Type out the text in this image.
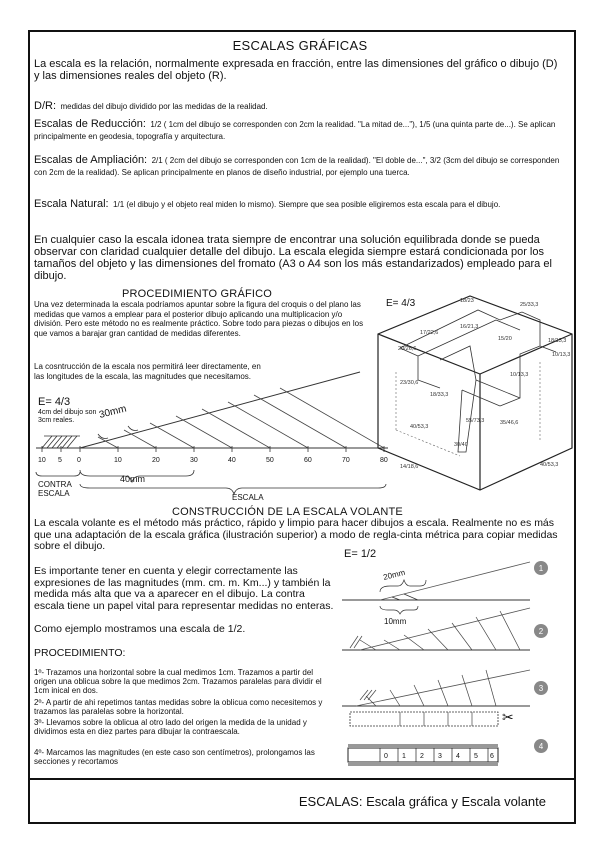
ESCALAS GRÁFICAS
La escala es la relación, normalmente expresada en fracción, entre las dimensiones del gráfico o dibujo (D) y las dimensiones reales del objeto (R).
D/R: medidas del dibujo dividido por las medidas de la realidad.
Escalas de Reducción: 1/2 ( 1cm del dibujo se corresponden con 2cm la realidad. "La mitad de..."), 1/5 (una quinta parte de...). Se aplican principalmente en geodesia, topografía y arquitectura.
Escalas de Ampliación: 2/1 ( 2cm del dibujo se corresponden con 1cm de la realidad). "El doble de...", 3/2 (3cm del dibujo se corresponden con 2cm de la realidad). Se aplican principalmente en planos de diseño industrial, por ejemplo una tuerca.
Escala Natural: 1/1 (el dibujo y el objeto real miden lo mismo). Siempre que sea posible eligiremos esta escala para el dibujo.
En cualquier caso la escala idonea trata siempre de encontrar una solución equilibrada donde se pueda observar con claridad cualquier detalle del dibujo. La escala elegida siempre estará condicionada por los tamaños del objeto y las dimensiones del fromato (A3 o A4 son los más estandarizados) empleado para el dibujo.
PROCEDIMIENTO GRÁFICO
Una vez determinada la escala podríamos apuntar sobre la figura del croquis o del plano las medidas que vamos a emplear para el posterior dibujo aplicando una multiplicacion y/o división. Pero este método no es realmente práctico. Sobre todo para piezas o dibujos en los que vamos a barajar gran cantidad de medidas diferentes.
La cosntrucción de la escala nos permitirá leer directamente, en las longitudes de la escala, las magnitudes que necesitamos.
E= 4/3
4cm del dibujo son 3cm reales.
18/23
25/33,3
17/22,6
16/21,3
20/26,6
15/20	18/13,3
10/13,3
23/30,6
18/33,3
10/13,3
40/53,3
55/73,3
30/40
35/46,6
40/53,3
14/18,6
E= 4/3
30mm
10 5 0	10	20	30	40	50	60	70	80
40mm
ESCALA
CONTRA ESCALA
CONSTRUCCIÓN DE LA ESCALA VOLANTE
La escala volante es el método más práctico, rápido y limpio para hacer dibujos a escala. Realmente no es más que una adaptación de la escala gráfica (ilustración superior) a modo de regla-cinta métrica para copiar medidas sobre el dibujo.
E= 1/2
Es importante tener en cuenta y elegir correctamente las expresiones de las magnitudes (mm. cm. m. Km...) y también la medida más alta que va a aparecer en el dibujo. La contra escala tiene un papel vital para representar medidas no enteras.
Como ejemplo mostramos una escala de 1/2.
PROCEDIMIENTO:
1º- Trazamos una horizontal sobre la cual medimos 1cm. Trazamos a partir del origen una oblicua sobre la que medimos 2cm. Trazamos paralelas para dividir el 1cm inical en dos.
2º- A partir de ahi repetimos tantas medidas sobre la oblicua como necesitemos y trazamos las paralelas sobre la horizontal.
3º- Llevamos sobre la oblicua al otro lado del origen la medida de la unidad y dividimos esta en diez partes para dibujar la contraescala.
4º- Marcamos las magnitudes (en este caso son centímetros), prolongamos las secciones y recortamos
20mm
10mm
✂
0 1 2 3 4 5 6
1
2
3
4
ESCALAS: Escala gráfica y Escala volante
